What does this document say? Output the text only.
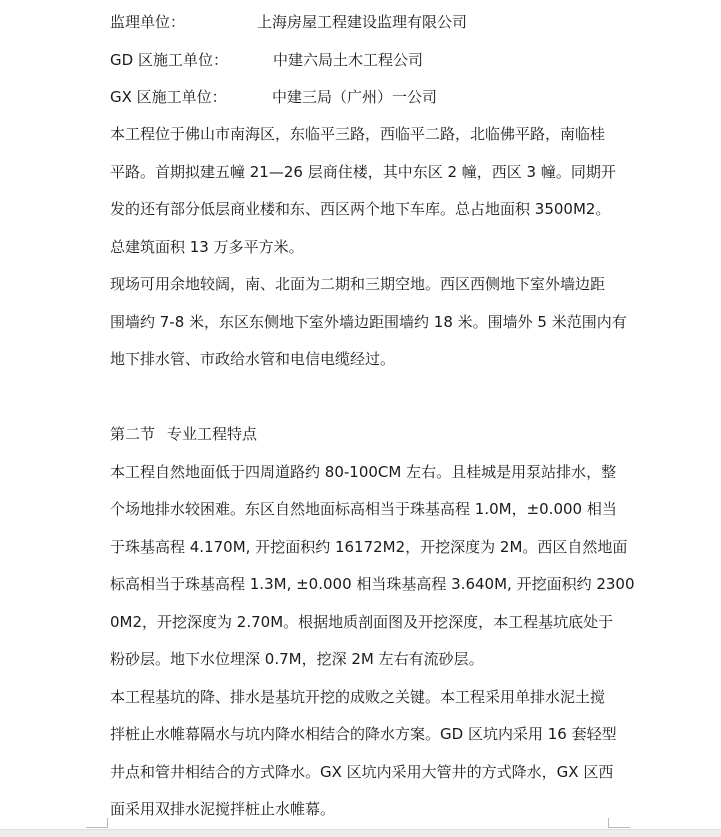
监理单位：	上海房屋工程建设监理有限公司
GD 区施工单位：	中建六局土木工程公司
GX 区施工单位：	中建三局（广州）一公司
本工程位于佛山市南海区，东临平三路，西临平二路，北临佛平路，南临桂
平路。首期拟建五幢 21—26 层商住楼，其中东区 2 幢，西区 3 幢。同期开
发的还有部分低层商业楼和东、西区两个地下车库。总占地面积 3500M2。
总建筑面积 13 万多平方米。
现场可用余地较阔，南、北面为二期和三期空地。西区西侧地下室外墙边距
围墙约 7-8 米，东区东侧地下室外墙边距围墙约 18 米。围墙外 5 米范围内有
地下排水管、市政给水管和电信电缆经过。
第二节 专业工程特点
本工程自然地面低于四周道路约 80-100CM 左右。且桂城是用泵站排水，整
个场地排水较困难。东区自然地面标高相当于珠基高程 1.0M，±0.000 相当
于珠基高程 4.170M, 开挖面积约 16172M2，开挖深度为 2M。西区自然地面
标高相当于珠基高程 1.3M, ±0.000 相当珠基高程 3.640M, 开挖面积约 2300
0M2，开挖深度为 2.70M。根据地质剖面图及开挖深度，本工程基坑底处于
粉砂层。地下水位埋深 0.7M，挖深 2M 左右有流砂层。
本工程基坑的降、排水是基坑开挖的成败之关键。本工程采用单排水泥土搅
拌桩止水帷幕隔水与坑内降水相结合的降水方案。GD 区坑内采用 16 套轻型
井点和管井相结合的方式降水。GX 区坑内采用大管井的方式降水，GX 区西
面采用双排水泥搅拌桩止水帷幕。
